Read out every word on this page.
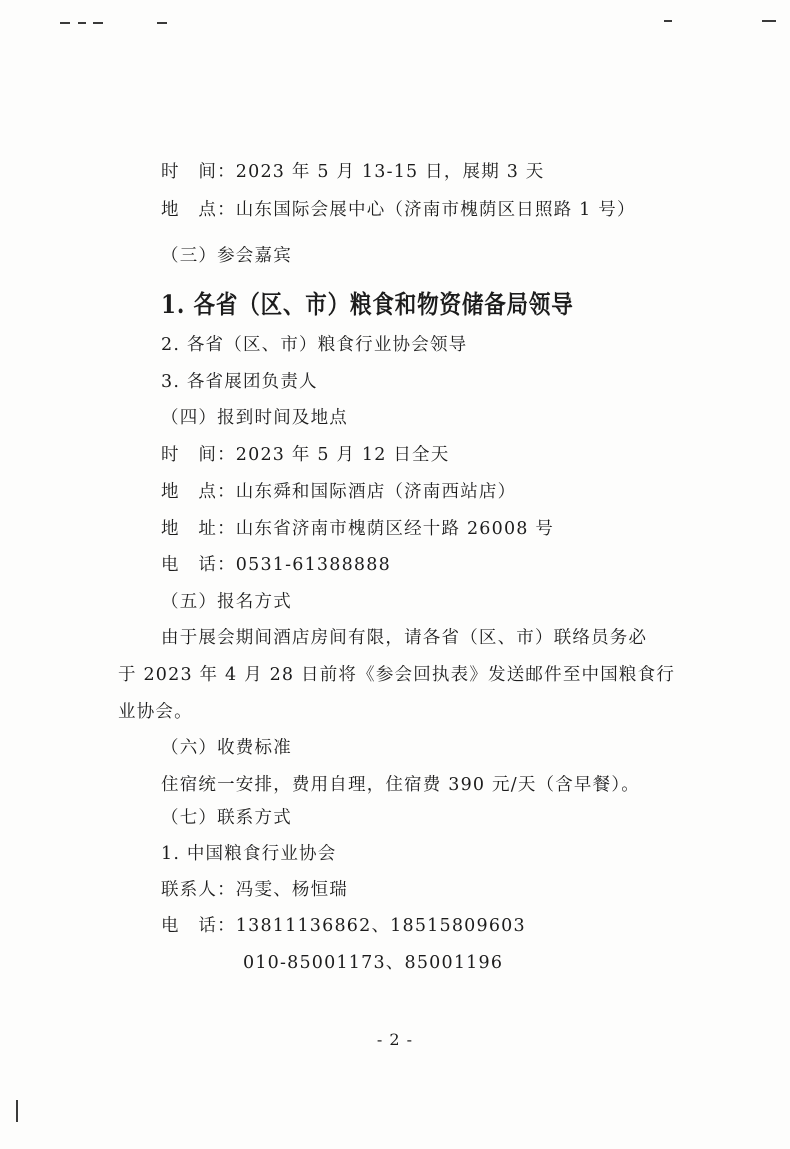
时　间：2023 年 5 月 13-15 日，展期 3 天
地　点：山东国际会展中心（济南市槐荫区日照路 1 号）
（三）参会嘉宾
1. 各省（区、市）粮食和物资储备局领导
2. 各省（区、市）粮食行业协会领导
3. 各省展团负责人
（四）报到时间及地点
时　间：2023 年 5 月 12 日全天
地　点：山东舜和国际酒店（济南西站店）
地　址：山东省济南市槐荫区经十路 26008 号
电　话：0531-61388888
（五）报名方式
由于展会期间酒店房间有限，请各省（区、市）联络员务必
于 2023 年 4 月 28 日前将《参会回执表》发送邮件至中国粮食行
业协会。
（六）收费标准
住宿统一安排，费用自理，住宿费 390 元/天（含早餐）。
（七）联系方式
1. 中国粮食行业协会
联系人：冯雯、杨恒瑞
电　话：13811136862、18515809603
010-85001173、85001196
- 2 -
